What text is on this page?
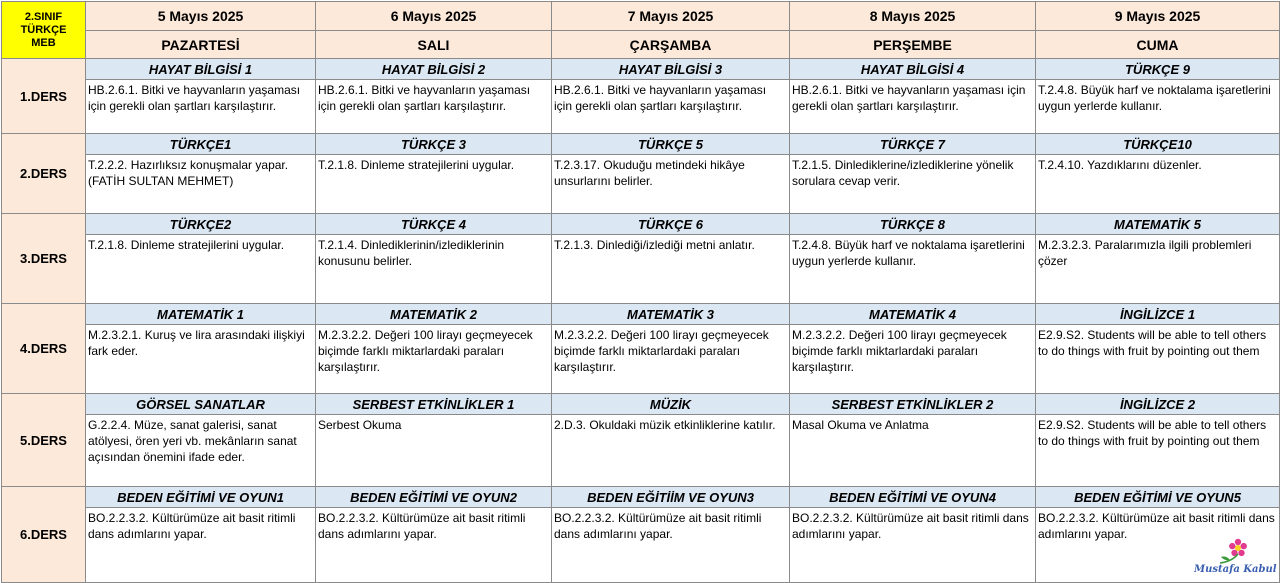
2.SINIF
TÜRKÇE
MEB	5 Mayıs 2025	6 Mayıs 2025	7 Mayıs 2025	8 Mayıs 2025	9 Mayıs 2025
	PAZARTESİ	SALI	ÇARŞAMBA	PERŞEMBE	CUMA
1.DERS	HAYAT BİLGİSİ 1	HAYAT BİLGİSİ 2	HAYAT BİLGİSİ 3	HAYAT BİLGİSİ 4	TÜRKÇE 9
	HB.2.6.1. Bitki ve hayvanların yaşaması için gerekli olan şartları karşılaştırır.	HB.2.6.1. Bitki ve hayvanların yaşaması için gerekli olan şartları karşılaştırır.	HB.2.6.1. Bitki ve hayvanların yaşaması için gerekli olan şartları karşılaştırır.	HB.2.6.1. Bitki ve hayvanların yaşaması için gerekli olan şartları karşılaştırır.	T.2.4.8. Büyük harf ve noktalama işaretlerini uygun yerlerde kullanır.
2.DERS	TÜRKÇE1	TÜRKÇE 3	TÜRKÇE 5	TÜRKÇE 7	TÜRKÇE10
	T.2.2.2. Hazırlıksız konuşmalar yapar.(FATİH SULTAN MEHMET)	T.2.1.8. Dinleme stratejilerini uygular.	T.2.3.17. Okuduğu metindeki hikâye unsurlarını belirler.	T.2.1.5. Dinlediklerine/izlediklerine yönelik sorulara cevap verir.	T.2.4.10. Yazdıklarını düzenler.
3.DERS	TÜRKÇE2	TÜRKÇE 4	TÜRKÇE 6	TÜRKÇE 8	MATEMATİK 5
	T.2.1.8. Dinleme stratejilerini uygular.	T.2.1.4. Dinlediklerinin/izlediklerinin konusunu belirler.	T.2.1.3. Dinlediği/izlediği metni anlatır.	T.2.4.8. Büyük harf ve noktalama işaretlerini uygun yerlerde kullanır.	M.2.3.2.3. Paralarımızla ilgili problemleri çözer
4.DERS	MATEMATİK 1	MATEMATİK 2	MATEMATİK 3	MATEMATİK 4	İNGİLİZCE 1
	M.2.3.2.1. Kuruş ve lira arasındaki ilişkiyi fark eder.	M.2.3.2.2. Değeri 100 lirayı geçmeyecek biçimde farklı miktarlardaki paraları karşılaştırır.	M.2.3.2.2. Değeri 100 lirayı geçmeyecek biçimde farklı miktarlardaki paraları karşılaştırır.	M.2.3.2.2. Değeri 100 lirayı geçmeyecek biçimde farklı miktarlardaki paraları karşılaştırır.	E2.9.S2. Students will be able to tell others to do things with fruit by pointing out them
5.DERS	GÖRSEL SANATLAR	SERBEST ETKİNLİKLER 1	MÜZİK	SERBEST ETKİNLİKLER 2	İNGİLİZCE 2
	G.2.2.4. Müze, sanat galerisi, sanat atölyesi, ören yeri vb. mekânların sanat açısından önemini ifade eder.	Serbest Okuma	2.D.3. Okuldaki müzik etkinliklerine katılır.	Masal Okuma ve Anlatma	E2.9.S2. Students will be able to tell others to do things with fruit by pointing out them
6.DERS	BEDEN EĞİTİMİ VE OYUN1	BEDEN EĞİTİMİ VE OYUN2	BEDEN EĞİTİİM VE OYUN3	BEDEN EĞİTİMİ VE OYUN4	BEDEN EĞİTİMİ VE OYUN5
	BO.2.2.3.2. Kültürümüze ait basit ritimli dans adımlarını yapar.	BO.2.2.3.2. Kültürümüze ait basit ritimli dans adımlarını yapar.	BO.2.2.3.2. Kültürümüze ait basit ritimli dans adımlarını yapar.	BO.2.2.3.2. Kültürümüze ait basit ritimli dans adımlarını yapar.	BO.2.2.3.2. Kültürümüze ait basit ritimli dans adımlarını yapar.
Mustafa Kabul
